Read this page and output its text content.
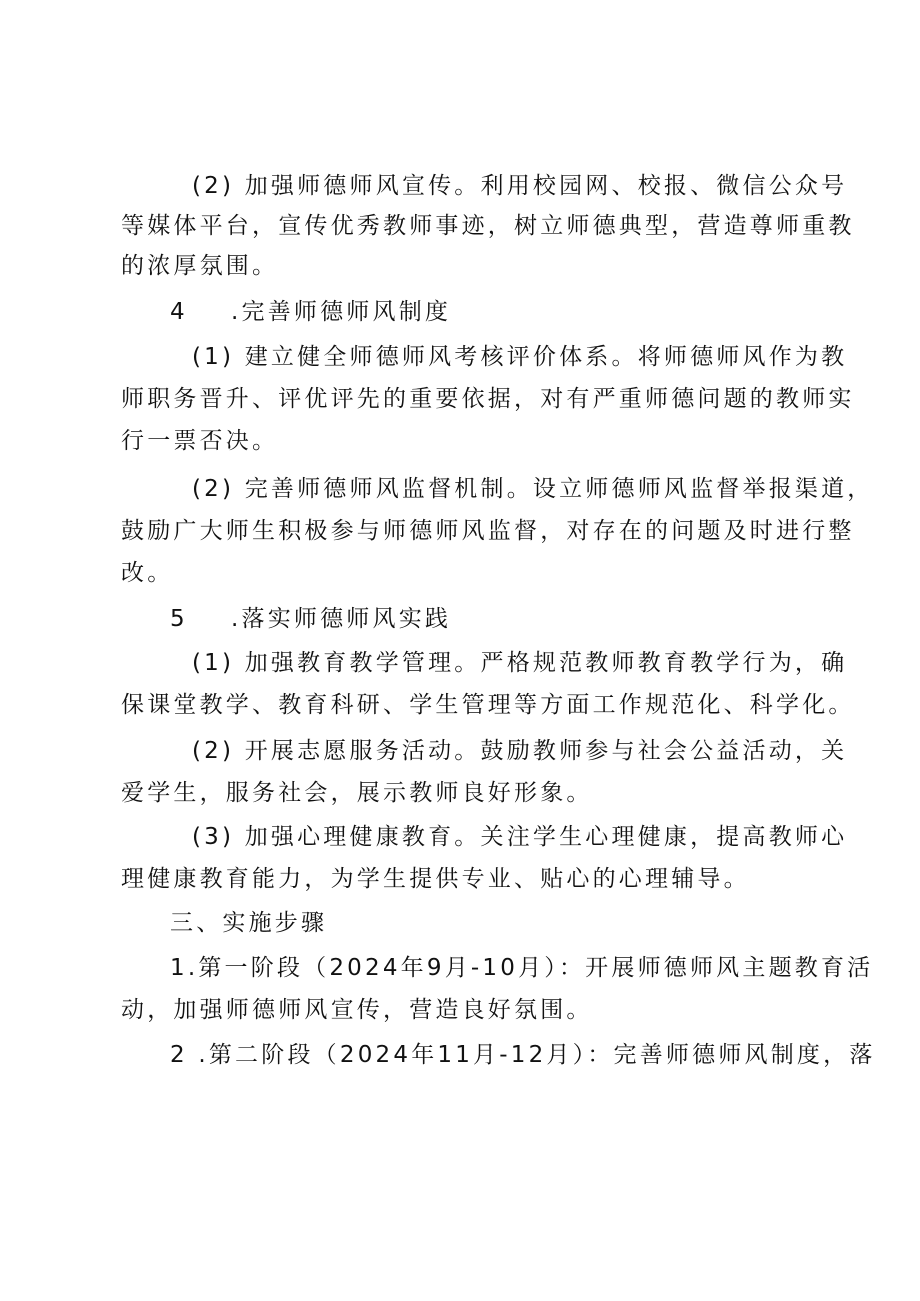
(2) 加强师德师风宣传。利用校园网、校报、微信公众号
等媒体平台，宣传优秀教师事迹，树立师德典型，营造尊师重教
的浓厚氛围。
4 .完善师德师风制度
(1) 建立健全师德师风考核评价体系。将师德师风作为教
师职务晋升、评优评先的重要依据，对有严重师德问题的教师实
行一票否决。
(2) 完善师德师风监督机制。设立师德师风监督举报渠道，
鼓励广大师生积极参与师德师风监督，对存在的问题及时进行整
改。
5 .落实师德师风实践
(1) 加强教育教学管理。严格规范教师教育教学行为，确
保课堂教学、教育科研、学生管理等方面工作规范化、科学化。
(2) 开展志愿服务活动。鼓励教师参与社会公益活动，关
爱学生，服务社会，展示教师良好形象。
(3) 加强心理健康教育。关注学生心理健康，提高教师心
理健康教育能力，为学生提供专业、贴心的心理辅导。
三、实施步骤
1.第一阶段（2024年9月-10月）：开展师德师风主题教育活
动，加强师德师风宣传，营造良好氛围。
2 .第二阶段（2024年11月-12月）：完善师德师风制度，落
